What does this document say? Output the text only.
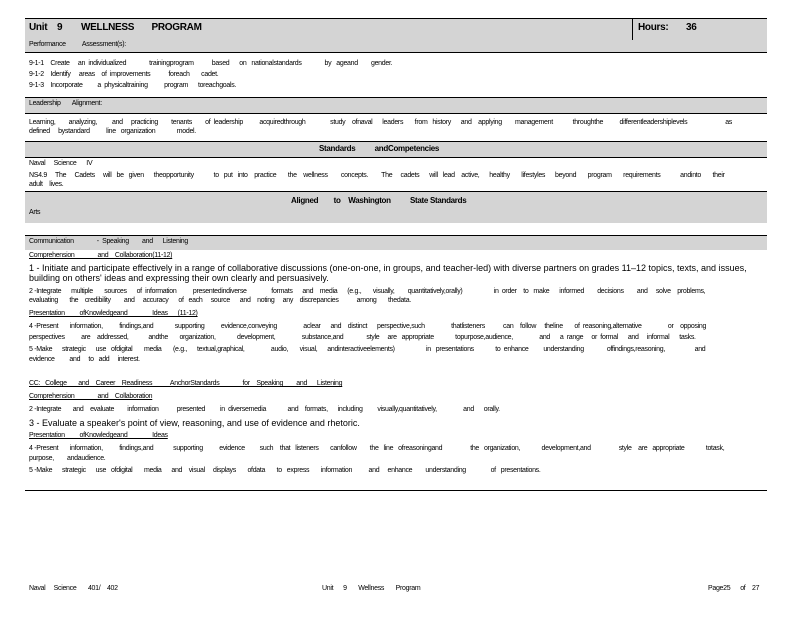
Unit 9 WELLNESS       PROGRAM	Hours: 36
Performance          Assessment(s):
9-1-1    Create     an  individualized              trainingprogram           based      on   nationalstandards              by   ageand        gender.
9-1-2    Identify     areas    of  improvements           foreach       cadet.
9-1-3    Incorporate         a  physicaltraining          program      toreachgoals.
Leadership       Alignment:
Learning,        analyzing,         and     practicing        tenants        of  leadership          acquiredthrough               study    ofnaval      leaders       from   history      and    applying        management            throughthe          differentleadershiplevels                       as
defined     bystandard          line   organization             model.
Standards          andCompetencies
Naval     Science      IV
NS4.9     The     Cadets     will   be   given      theopportunity            to   put   into    practice       the    wellness        concepts.        The     cadets      will   lead    active,      healthy       lifestyles      beyond       program       requirements            andinto       their
adult    lives.
Aligned        to    Washington          State Standards
Arts
Communication              -  Speaking        and      Listening
Comprehension              and    Collaboration(11-12)
1 - Initiate and participate effectively in a range of collaborative discussions (one-on-one, in groups, and teacher-led) with diverse partners on grades 11–12 topics, texts, and issues,
building on others' ideas and expressing their own clearly and persuasively.
2 -Integrate      multiple       sources      of  information          presentedindiverse               formats      and    media      (e.g.,       visually,        quantitatively,orally)                   in  order    to   make      informed        decisions        and     solve    problems,
evaluating       the    credibility        and     accuracy      of   each     source      and    noting     any    discrepancies           among       thedata.
Presentation         ofKnowledgeand               Ideas      (11-12)
4 -Present       information,          findings,and             supporting          evidence,conveying                aclear      and    distinct      perspective,such                thatlisteners           can    follow     theline       of  reasoning,alternative                or    opposing
perspectives          are    addressed,            andthe       organization,             development,                substance,and              style     are   appropriate             topurpose,audience,                and      a  range     or  formal      and     informal      tasks.
5 -Make      strategic      use   ofdigital       media       (e.g.,      textual,graphical,                audio,       visual,      andinteractiveelements)                   in   presentations             to  enhance         understanding              offindings,reasoning,                  and
evidence         and     to   add     interest.
CC:   College       and    Career    Readiness           AnchorStandards              for    Speaking        and      Listening
Comprehension              and    Collaboration
2 -Integrate       and    evaluate        information           presented         in  diversemedia             and    formats,      including         visually,quantitatively,                and      orally.
3 - Evaluate a speaker's point of view, reasoning, and use of evidence and rhetoric.
Presentation         ofKnowledgeand               Ideas
4 -Present       information,          findings,and            supporting          evidence         such    that   listeners       canfollow        the   line   ofreasoningand                 the   organization,             development,and                 style    are   appropriate             totask,
purpose,        andaudience.
5 -Make      strategic      use   ofdigital       media      and    visual     displays       ofdata       to   express       information          and     enhance        understanding               of   presentations.
Naval     Science       401/    402	Unit      9       Wellness       Program	Page25      of    27
